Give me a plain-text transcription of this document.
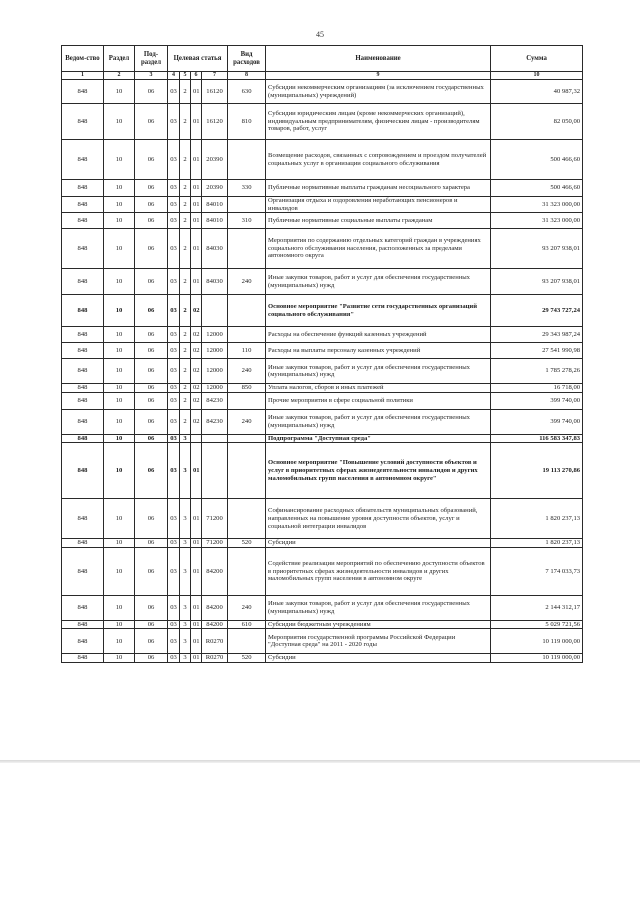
45
Ведом-ство	Раздел	Под-раздел	Целевая статья				Вид расходов	Наименование	Сумма
1	2	3	4	5	6	7	8	9	10
848	10	06	03	2	01	16120	630	Субсидии некоммерческим организациям (за исключением государственных (муниципальных) учреждений)	40 987,32
848	10	06	03	2	01	16120	810	Субсидии юридическим лицам (кроме некоммерческих организаций), индивидуальным предпринимателям, физическим лицам - производителям товаров, работ, услуг	82 050,00
848	10	06	03	2	01	20390		Возмещение расходов, связанных с сопровождением и проездом получателей социальных услуг в организации социального обслуживания	500 466,60
848	10	06	03	2	01	20390	330	Публичные нормативные выплаты гражданам несоциального характера	500 466,60
848	10	06	03	2	01	84010		Организация отдыха и оздоровления неработающих пенсионеров и инвалидов	31 323 000,00
848	10	06	03	2	01	84010	310	Публичные нормативные социальные выплаты гражданам	31 323 000,00
848	10	06	03	2	01	84030		Мероприятия по содержанию отдельных категорий граждан в учреждениях социального обслуживания населения, расположенных за пределами автономного округа	93 207 938,01
848	10	06	03	2	01	84030	240	Иные закупки товаров, работ и услуг для обеспечения государственных (муниципальных) нужд	93 207 938,01
848	10	06	03	2	02			Основное мероприятие "Развитие сети государственных организаций социального обслуживания"	29 743 727,24
848	10	06	03	2	02	12000		Расходы на обеспечение функций казенных учреждений	29 343 987,24
848	10	06	03	2	02	12000	110	Расходы на выплаты персоналу казенных учреждений	27 541 990,98
848	10	06	03	2	02	12000	240	Иные закупки товаров, работ и услуг для обеспечения государственных (муниципальных) нужд	1 785 278,26
848	10	06	03	2	02	12000	850	Уплата налогов, сборов и иных платежей	16 718,00
848	10	06	03	2	02	84230		Прочие мероприятия в сфере социальной политики	399 740,00
848	10	06	03	2	02	84230	240	Иные закупки товаров, работ и услуг для обеспечения государственных (муниципальных) нужд	399 740,00
848	10	06	03	3				Подпрограмма "Доступная среда"	116 583 347,83
848	10	06	03	3	01			Основное мероприятие "Повышение условий доступности объектов и услуг в приоритетных сферах жизнедеятельности инвалидов и других маломобильных групп населения в автономном округе"	19 113 270,86
848	10	06	03	3	01	71200		Софинансирование расходных обязательств муниципальных образований, направленных на повышение уровня доступности объектов, услуг и социальной интеграции инвалидов	1 820 237,13
848	10	06	03	3	01	71200	520	Субсидии	1 820 237,13
848	10	06	03	3	01	84200		Содействие реализации мероприятий по обеспечению доступности объектов в приоритетных сферах жизнедеятельности инвалидов и других маломобильных групп населения в автономном округе	7 174 033,73
848	10	06	03	3	01	84200	240	Иные закупки товаров, работ и услуг для обеспечения государственных (муниципальных) нужд	2 144 312,17
848	10	06	03	3	01	84200	610	Субсидии бюджетным учреждениям	5 029 721,56
848	10	06	03	3	01	R0270		Мероприятия государственной программы Российской Федерации "Доступная среда" на 2011 - 2020 годы	10 119 000,00
848	10	06	03	3	01	R0270	520	Субсидии	10 119 000,00
